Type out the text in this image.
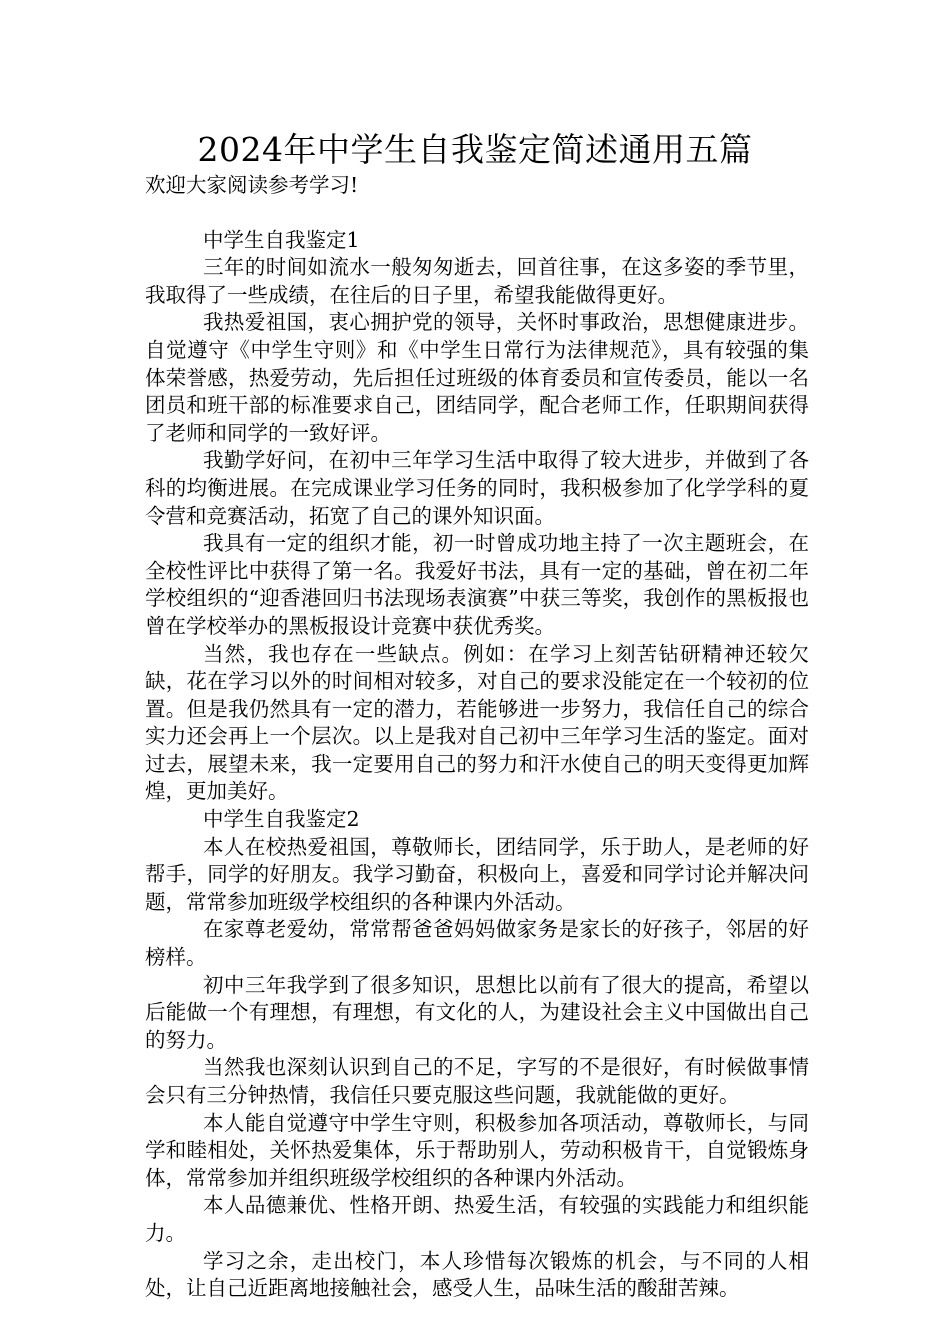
2024年中学生自我鉴定简述通用五篇

欢迎大家阅读参考学习!

中学生自我鉴定1

三年的时间如流水一般匆匆逝去，回首往事，在这多姿的季节里，我取得了一些成绩，在往后的日子里，希望我能做得更好。

我热爱祖国，衷心拥护党的领导，关怀时事政治，思想健康进步。自觉遵守《中学生守则》和《中学生日常行为法律规范》，具有较强的集体荣誉感，热爱劳动，先后担任过班级的体育委员和宣传委员，能以一名团员和班干部的标准要求自己，团结同学，配合老师工作，任职期间获得了老师和同学的一致好评。

我勤学好问，在初中三年学习生活中取得了较大进步，并做到了各科的均衡进展。在完成课业学习任务的同时，我积极参加了化学学科的夏令营和竞赛活动，拓宽了自己的课外知识面。

我具有一定的组织才能，初一时曾成功地主持了一次主题班会，在全校性评比中获得了第一名。我爱好书法，具有一定的基础，曾在初二年学校组织的“迎香港回归书法现场表演赛”中获三等奖，我创作的黑板报也曾在学校举办的黑板报设计竞赛中获优秀奖。

当然，我也存在一些缺点。例如：在学习上刻苦钻研精神还较欠缺，花在学习以外的时间相对较多，对自己的要求没能定在一个较初的位置。但是我仍然具有一定的潜力，若能够进一步努力，我信任自己的综合实力还会再上一个层次。以上是我对自己初中三年学习生活的鉴定。面对过去，展望未来，我一定要用自己的努力和汗水使自己的明天变得更加辉煌，更加美好。

中学生自我鉴定2

本人在校热爱祖国，尊敬师长，团结同学，乐于助人，是老师的好帮手，同学的好朋友。我学习勤奋，积极向上，喜爱和同学讨论并解决问题，常常参加班级学校组织的各种课内外活动。

在家尊老爱幼，常常帮爸爸妈妈做家务是家长的好孩子，邻居的好榜样。

初中三年我学到了很多知识，思想比以前有了很大的提高，希望以后能做一个有理想，有理想，有文化的人，为建设社会主义中国做出自己的努力。

当然我也深刻认识到自己的不足，字写的不是很好，有时候做事情会只有三分钟热情，我信任只要克服这些问题，我就能做的更好。

本人能自觉遵守中学生守则，积极参加各项活动，尊敬师长，与同学和睦相处，关怀热爱集体，乐于帮助别人，劳动积极肯干，自觉锻炼身体，常常参加并组织班级学校组织的各种课内外活动。

本人品德兼优、性格开朗、热爱生活，有较强的实践能力和组织能力。

学习之余，走出校门，本人珍惜每次锻炼的机会，与不同的人相处，让自己近距离地接触社会，感受人生，品味生活的酸甜苦辣。
